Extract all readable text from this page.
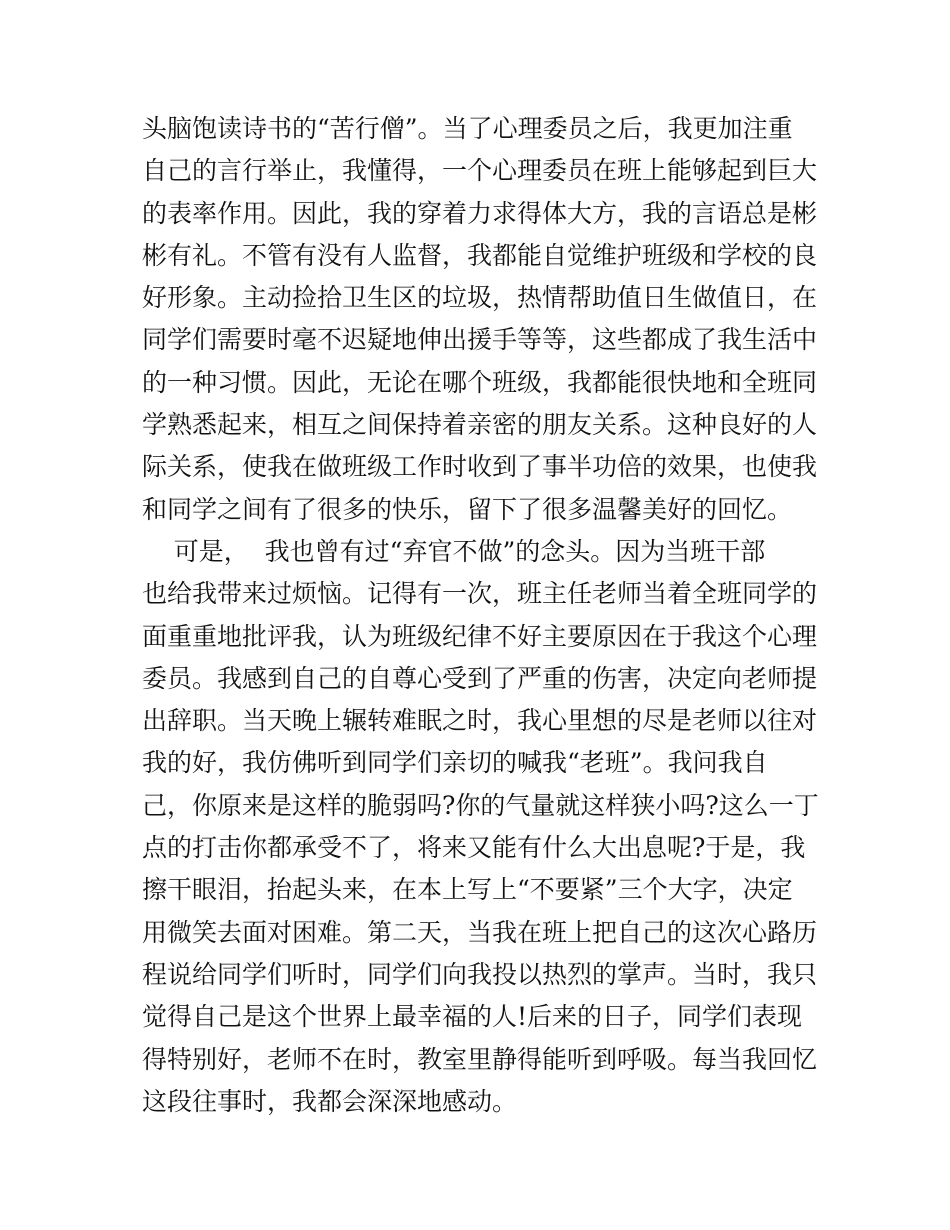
头脑饱读诗书的“苦行僧”。当了心理委员之后，我更加注重
自己的言行举止，我懂得，一个心理委员在班上能够起到巨大
的表率作用。因此，我的穿着力求得体大方，我的言语总是彬
彬有礼。不管有没有人监督，我都能自觉维护班级和学校的良
好形象。主动捡拾卫生区的垃圾，热情帮助值日生做值日，在
同学们需要时毫不迟疑地伸出援手等等，这些都成了我生活中
的一种习惯。因此，无论在哪个班级，我都能很快地和全班同
学熟悉起来，相互之间保持着亲密的朋友关系。这种良好的人
际关系，使我在做班级工作时收到了事半功倍的效果，也使我
和同学之间有了很多的快乐，留下了很多温馨美好的回忆。
可是，  我也曾有过“弃官不做”的念头。因为当班干部
也给我带来过烦恼。记得有一次，班主任老师当着全班同学的
面重重地批评我，认为班级纪律不好主要原因在于我这个心理
委员。我感到自己的自尊心受到了严重的伤害，决定向老师提
出辞职。当天晚上辗转难眠之时，我心里想的尽是老师以往对
我的好，我仿佛听到同学们亲切的喊我“老班”。我问我自
己，你原来是这样的脆弱吗?你的气量就这样狭小吗?这么一丁
点的打击你都承受不了，将来又能有什么大出息呢?于是，我
擦干眼泪，抬起头来，在本上写上“不要紧”三个大字，决定
用微笑去面对困难。第二天，当我在班上把自己的这次心路历
程说给同学们听时，同学们向我投以热烈的掌声。当时，我只
觉得自己是这个世界上最幸福的人!后来的日子，同学们表现
得特别好，老师不在时，教室里静得能听到呼吸。每当我回忆
这段往事时，我都会深深地感动。
